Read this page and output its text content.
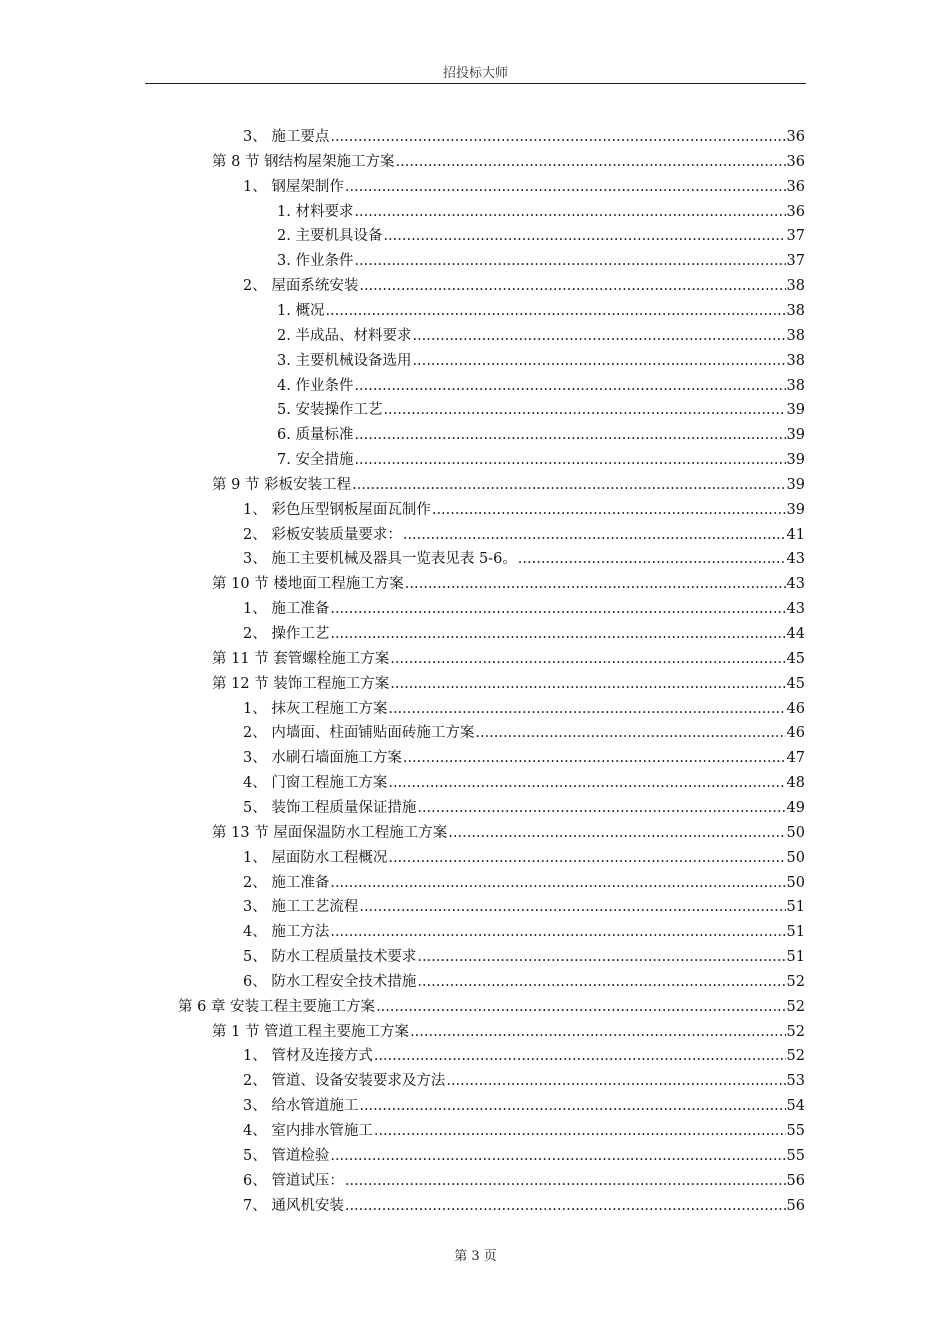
招投标大师
3、 施工要点 .....	36
第 8 节 钢结构屋架施工方案 .....	36
1、 钢屋架制作 .....	36
1. 材料要求 .....	36
2. 主要机具设备 .....	37
3. 作业条件 .....	37
2、 屋面系统安装 .....	38
1. 概况 .....	38
2. 半成品、材料要求 .....	38
3. 主要机械设备选用 .....	38
4. 作业条件 .....	38
5. 安装操作工艺 .....	39
6. 质量标准 .....	39
7. 安全措施 .....	39
第 9 节 彩板安装工程 .....	39
1、 彩色压型钢板屋面瓦制作 .....	39
2、 彩板安装质量要求： .....	41
3、 施工主要机械及器具一览表见表 5-6。 .....	43
第 10 节 楼地面工程施工方案 .....	43
1、 施工准备 .....	43
2、 操作工艺 .....	44
第 11 节 套管螺栓施工方案 .....	45
第 12 节 装饰工程施工方案 .....	45
1、 抹灰工程施工方案 .....	46
2、 内墙面、柱面铺贴面砖施工方案 .....	46
3、 水刷石墙面施工方案 .....	47
4、 门窗工程施工方案 .....	48
5、 装饰工程质量保证措施 .....	49
第 13 节 屋面保温防水工程施工方案 .....	50
1、 屋面防水工程概况 .....	50
2、 施工准备 .....	50
3、 施工工艺流程 .....	51
4、 施工方法 .....	51
5、 防水工程质量技术要求 .....	51
6、 防水工程安全技术措施 .....	52
第 6 章 安装工程主要施工方案 .....	52
第 1 节 管道工程主要施工方案 .....	52
1、 管材及连接方式 .....	52
2、 管道、设备安装要求及方法 .....	53
3、 给水管道施工 .....	54
4、 室内排水管施工 .....	55
5、 管道检验 .....	55
6、 管道试压： .....	56
7、 通风机安装 .....	56
第 3 页
